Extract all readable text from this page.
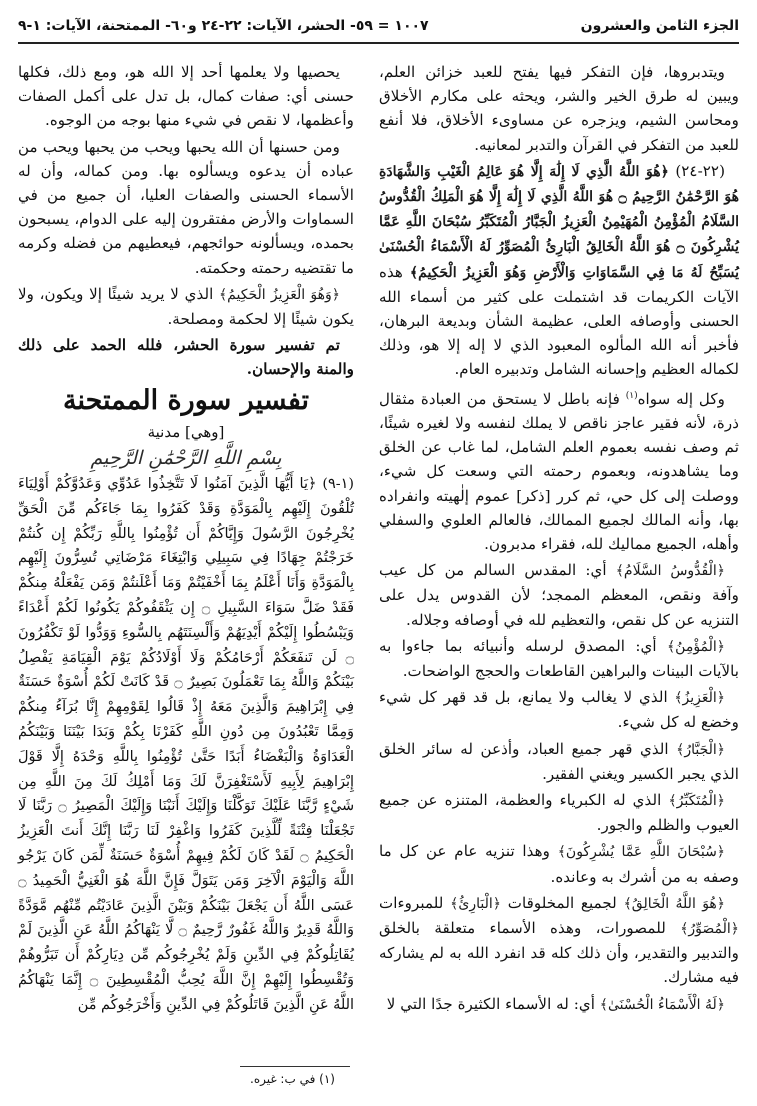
الجزء الثامن والعشرون
١٠٠٧ = ٥٩- الحشر، الآيات: ٢٢-٢٤ و٦٠- الممتحنة، الآيات: ١-٩

ويتدبروها، فإن التفكر فيها يفتح للعبد خزائن العلم، ويبين له طرق الخير والشر، ويحثه على مكارم الأخلاق ومحاسن الشيم، ويزجره عن مساوىء الأخلاق، فلا أنفع للعبد من التفكر في القرآن والتدبر لمعانيه.

(٢٢-٢٤) ﴿هُوَ اللَّهُ الَّذِي لَا إِلَٰهَ إِلَّا هُوَ عَالِمُ الْغَيْبِ وَالشَّهَادَةِ هُوَ الرَّحْمَٰنُ الرَّحِيمُ ۝ هُوَ اللَّهُ الَّذِي لَا إِلَٰهَ إِلَّا هُوَ الْمَلِكُ الْقُدُّوسُ السَّلَامُ الْمُؤْمِنُ الْمُهَيْمِنُ الْعَزِيزُ الْجَبَّارُ الْمُتَكَبِّرُ سُبْحَانَ اللَّهِ عَمَّا يُشْرِكُونَ ۝ هُوَ اللَّهُ الْخَالِقُ الْبَارِئُ الْمُصَوِّرُ لَهُ الْأَسْمَاءُ الْحُسْنَىٰ يُسَبِّحُ لَهُ مَا فِي السَّمَاوَاتِ وَالْأَرْضِ وَهُوَ الْعَزِيزُ الْحَكِيمُ﴾ هذه الآيات الكريمات قد اشتملت على كثير من أسماء الله الحسنى وأوصافه العلى، عظيمة الشأن وبديعة البرهان، فأخبر أنه الله المألوه المعبود الذي لا إله إلا هو، وذلك لكماله العظيم وإحسانه الشامل وتدبيره العام.

وكل إله سواه$^{(١)}$ فإنه باطل لا يستحق من العبادة مثقال ذرة، لأنه فقير عاجز ناقص لا يملك لنفسه ولا لغيره شيئًا، ثم وصف نفسه بعموم العلم الشامل، لما غاب عن الخلق وما يشاهدونه، وبعموم رحمته التي وسعت كل شيء، ووصلت إلى كل حي، ثم كرر [ذكر] عموم إلٰهيته وانفراده بها، وأنه المالك لجميع الممالك، فالعالم العلوي والسفلي وأهله، الجميع مماليك لله، فقراء مدبرون.

﴿الْقُدُّوسُ السَّلَامُ﴾ أي: المقدس السالم من كل عيب وآفة ونقص، المعظم الممجد؛ لأن القدوس يدل على التنزيه عن كل نقص، والتعظيم لله في أوصافه وجلاله.

﴿الْمُؤْمِنُ﴾ أي: المصدق لرسله وأنبيائه بما جاءوا به بالآيات البينات والبراهين القاطعات والحجج الواضحات.

﴿الْعَزِيزُ﴾ الذي لا يغالب ولا يمانع، بل قد قهر كل شيء وخضع له كل شيء.

﴿الْجَبَّارُ﴾ الذي قهر جميع العباد، وأذعن له سائر الخلق الذي يجبر الكسير ويغني الفقير.

﴿الْمُتَكَبِّرُ﴾ الذي له الكبرياء والعظمة، المتنزه عن جميع العيوب والظلم والجور.

﴿سُبْحَانَ اللَّهِ عَمَّا يُشْرِكُونَ﴾ وهذا تنزيه عام عن كل ما وصفه به من أشرك به وعانده.

﴿هُوَ اللَّهُ الْخَالِقُ﴾ لجميع المخلوقات ﴿الْبَارِئُ﴾ للمبروءات ﴿الْمُصَوِّرُ﴾ للمصورات، وهذه الأسماء متعلقة بالخلق والتدبير والتقدير، وأن ذلك كله قد انفرد الله به لم يشاركه فيه مشارك.

﴿لَهُ الْأَسْمَاءُ الْحُسْنَىٰ﴾ أي: له الأسماء الكثيرة جدًا التي لا

يحصيها ولا يعلمها أحد إلا الله هو، ومع ذلك، فكلها حسنى أي: صفات كمال، بل تدل على أكمل الصفات وأعظمها، لا نقص في شيء منها بوجه من الوجوه.

ومن حسنها أن الله يحبها ويحب من يحبها ويحب من عباده أن يدعوه ويسألوه بها. ومن كماله، وأن له الأسماء الحسنى والصفات العليا، أن جميع من في السماوات والأرض مفتقرون إليه على الدوام، يسبحون بحمده، ويسألونه حوائجهم، فيعطيهم من فضله وكرمه ما تقتضيه رحمته وحكمته.

﴿وَهُوَ الْعَزِيزُ الْحَكِيمُ﴾ الذي لا يريد شيئًا إلا ويكون، ولا يكون شيئًا إلا لحكمة ومصلحة.

تم تفسير سورة الحشر، فلله الحمد على ذلك والمنة والإحسان.

تفسير سورة الممتحنة

[وهي] مدنية

بِسْمِ اللَّهِ الرَّحْمَٰنِ الرَّحِيمِ

(١-٩) ﴿يَا أَيُّهَا الَّذِينَ آمَنُوا لَا تَتَّخِذُوا عَدُوِّي وَعَدُوَّكُمْ أَوْلِيَاءَ تُلْقُونَ إِلَيْهِم بِالْمَوَدَّةِ وَقَدْ كَفَرُوا بِمَا جَاءَكُم مِّنَ الْحَقِّ يُخْرِجُونَ الرَّسُولَ وَإِيَّاكُمْ أَن تُؤْمِنُوا بِاللَّهِ رَبِّكُمْ إِن كُنتُمْ خَرَجْتُمْ جِهَادًا فِي سَبِيلِي وَابْتِغَاءَ مَرْضَاتِي تُسِرُّونَ إِلَيْهِم بِالْمَوَدَّةِ وَأَنَا أَعْلَمُ بِمَا أَخْفَيْتُمْ وَمَا أَعْلَنتُمْ وَمَن يَفْعَلْهُ مِنكُمْ فَقَدْ ضَلَّ سَوَاءَ السَّبِيلِ ۝ إِن يَثْقَفُوكُمْ يَكُونُوا لَكُمْ أَعْدَاءً وَيَبْسُطُوا إِلَيْكُمْ أَيْدِيَهُمْ وَأَلْسِنَتَهُم بِالسُّوءِ وَوَدُّوا لَوْ تَكْفُرُونَ ۝ لَن تَنفَعَكُمْ أَرْحَامُكُمْ وَلَا أَوْلَادُكُمْ يَوْمَ الْقِيَامَةِ يَفْصِلُ بَيْنَكُمْ وَاللَّهُ بِمَا تَعْمَلُونَ بَصِيرٌ ۝ قَدْ كَانَتْ لَكُمْ أُسْوَةٌ حَسَنَةٌ فِي إِبْرَاهِيمَ وَالَّذِينَ مَعَهُ إِذْ قَالُوا لِقَوْمِهِمْ إِنَّا بُرَآءُ مِنكُمْ وَمِمَّا تَعْبُدُونَ مِن دُونِ اللَّهِ كَفَرْنَا بِكُمْ وَبَدَا بَيْنَنَا وَبَيْنَكُمُ الْعَدَاوَةُ وَالْبَغْضَاءُ أَبَدًا حَتَّىٰ تُؤْمِنُوا بِاللَّهِ وَحْدَهُ إِلَّا قَوْلَ إِبْرَاهِيمَ لِأَبِيهِ لَأَسْتَغْفِرَنَّ لَكَ وَمَا أَمْلِكُ لَكَ مِنَ اللَّهِ مِن شَيْءٍ رَّبَّنَا عَلَيْكَ تَوَكَّلْنَا وَإِلَيْكَ أَنَبْنَا وَإِلَيْكَ الْمَصِيرُ ۝ رَبَّنَا لَا تَجْعَلْنَا فِتْنَةً لِّلَّذِينَ كَفَرُوا وَاغْفِرْ لَنَا رَبَّنَا إِنَّكَ أَنتَ الْعَزِيزُ الْحَكِيمُ ۝ لَقَدْ كَانَ لَكُمْ فِيهِمْ أُسْوَةٌ حَسَنَةٌ لِّمَن كَانَ يَرْجُو اللَّهَ وَالْيَوْمَ الْآخِرَ وَمَن يَتَوَلَّ فَإِنَّ اللَّهَ هُوَ الْغَنِيُّ الْحَمِيدُ ۝ عَسَى اللَّهُ أَن يَجْعَلَ بَيْنَكُمْ وَبَيْنَ الَّذِينَ عَادَيْتُم مِّنْهُم مَّوَدَّةً وَاللَّهُ قَدِيرٌ وَاللَّهُ غَفُورٌ رَّحِيمٌ ۝ لَّا يَنْهَاكُمُ اللَّهُ عَنِ الَّذِينَ لَمْ يُقَاتِلُوكُمْ فِي الدِّينِ وَلَمْ يُخْرِجُوكُم مِّن دِيَارِكُمْ أَن تَبَرُّوهُمْ وَتُقْسِطُوا إِلَيْهِمْ إِنَّ اللَّهَ يُحِبُّ الْمُقْسِطِينَ ۝ إِنَّمَا يَنْهَاكُمُ اللَّهُ عَنِ الَّذِينَ قَاتَلُوكُمْ فِي الدِّينِ وَأَخْرَجُوكُم مِّن

(١) في ب: غيره.
